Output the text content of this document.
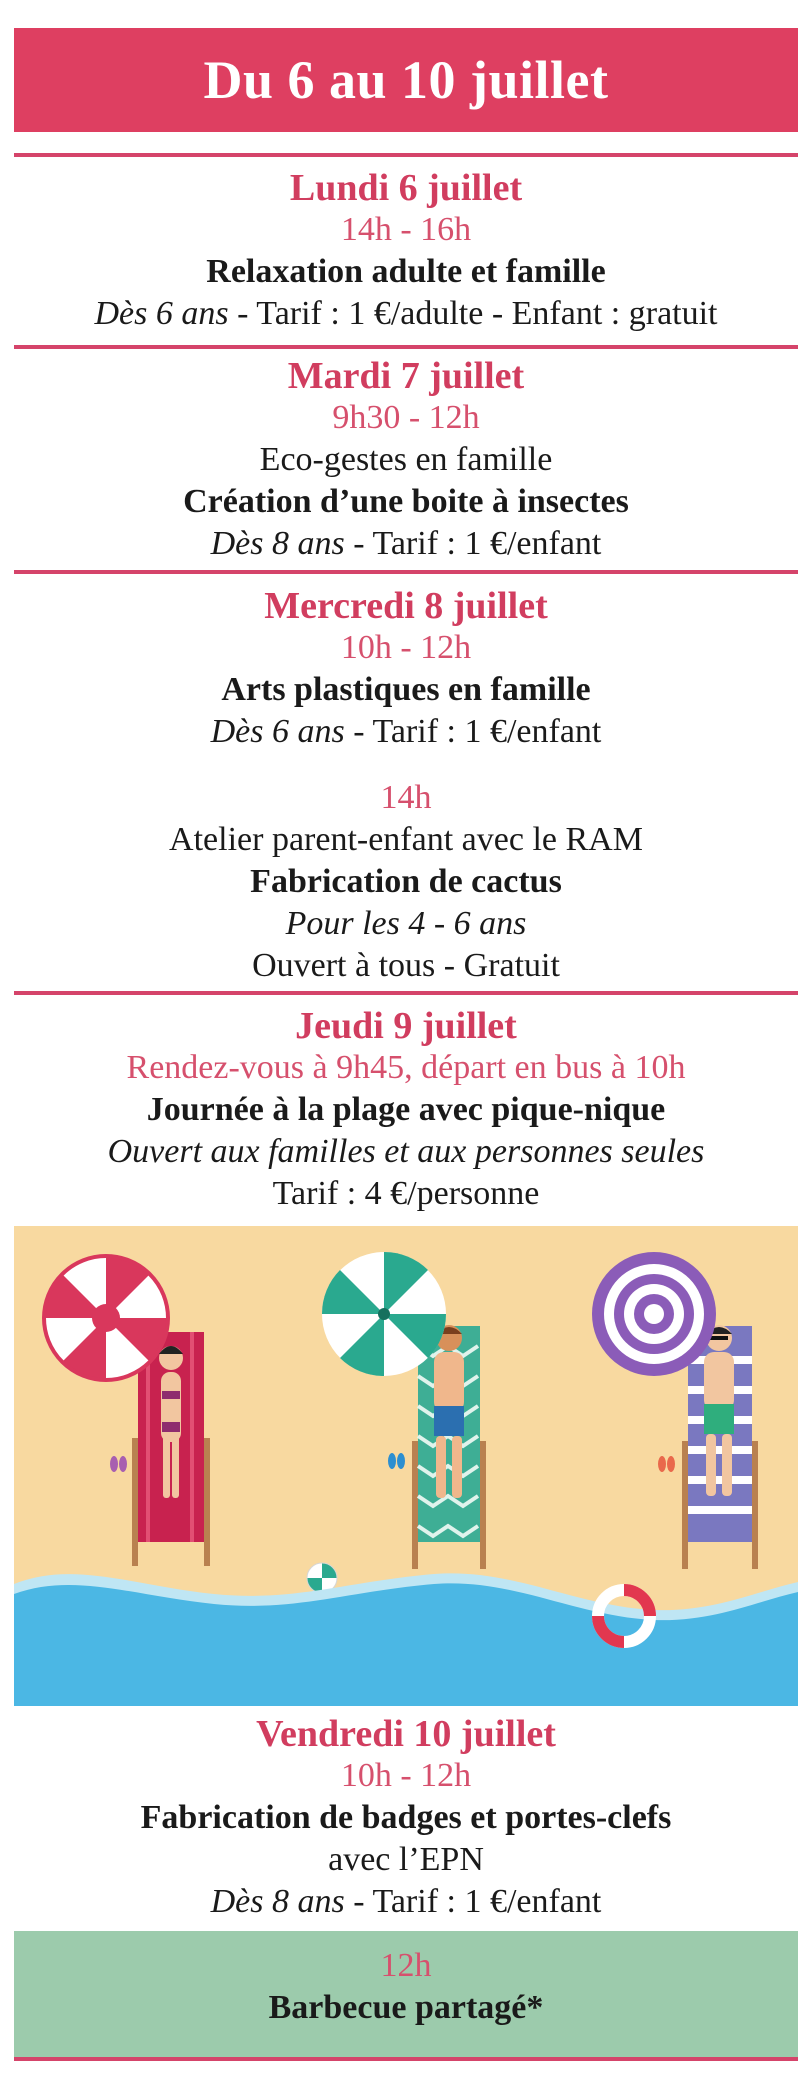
Du 6 au 10 juillet
Lundi 6 juillet
14h - 16h
Relaxation adulte et famille
Dès 6 ans - Tarif : 1 €/adulte - Enfant : gratuit
Mardi 7 juillet
9h30 - 12h
Eco-gestes en famille
Création d’une boite à insectes
Dès 8 ans - Tarif : 1 €/enfant
Mercredi 8 juillet
10h - 12h
Arts plastiques en famille
Dès 6 ans - Tarif : 1 €/enfant
14h
Atelier parent-enfant avec le RAM
Fabrication de cactus
Pour les 4 - 6 ans
Ouvert à tous - Gratuit
Jeudi 9 juillet
Rendez-vous à 9h45, départ en bus à 10h
Journée à la plage avec pique-nique
Ouvert aux familles et aux personnes seules
Tarif : 4 €/personne
Vendredi 10 juillet
10h - 12h
Fabrication de badges et portes-clefs
avec l’EPN
Dès 8 ans - Tarif : 1 €/enfant
12h
Barbecue partagé*
